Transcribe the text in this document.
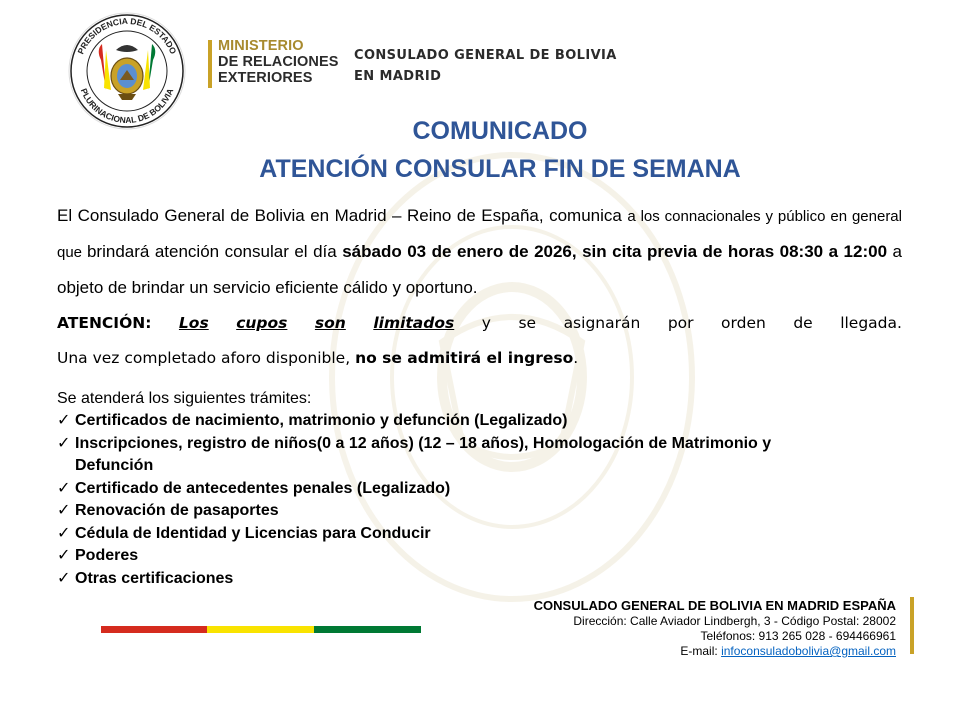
PRESIDENCIA DEL ESTADO
PLURINACIONAL DE BOLIVIA
MINISTERIO
DE RELACIONES
EXTERIORES
CONSULADO GENERAL DE BOLIVIA
EN MADRID
COMUNICADO
ATENCIÓN CONSULAR FIN DE SEMANA
El Consulado General de Bolivia en Madrid – Reino de España, comunica a los connacionales y público en general que brindará atención consular el día sábado 03 de enero de 2026, sin cita previa de horas 08:30 a 12:00 a objeto de brindar un servicio eficiente cálido y oportuno.
ATENCIÓN: Los cupos son limitados y se asignarán por orden de llegada.
Una vez completado aforo disponible, no se admitirá el ingreso.
Se atenderá los siguientes trámites:
✓ Certificados de nacimiento, matrimonio y defunción (Legalizado)
✓ Inscripciones, registro de niños(0 a 12 años) (12 – 18 años), Homologación de Matrimonio y Defunción
✓ Certificado de antecedentes penales (Legalizado)
✓ Renovación de pasaportes
✓ Cédula de Identidad y Licencias para Conducir
✓ Poderes
✓ Otras certificaciones
CONSULADO GENERAL DE BOLIVIA EN MADRID ESPAÑA
Dirección: Calle Aviador Lindbergh, 3 - Código Postal: 28002
Teléfonos: 913 265 028 - 694466961
E-mail: infoconsuladobolivia@gmail.com
